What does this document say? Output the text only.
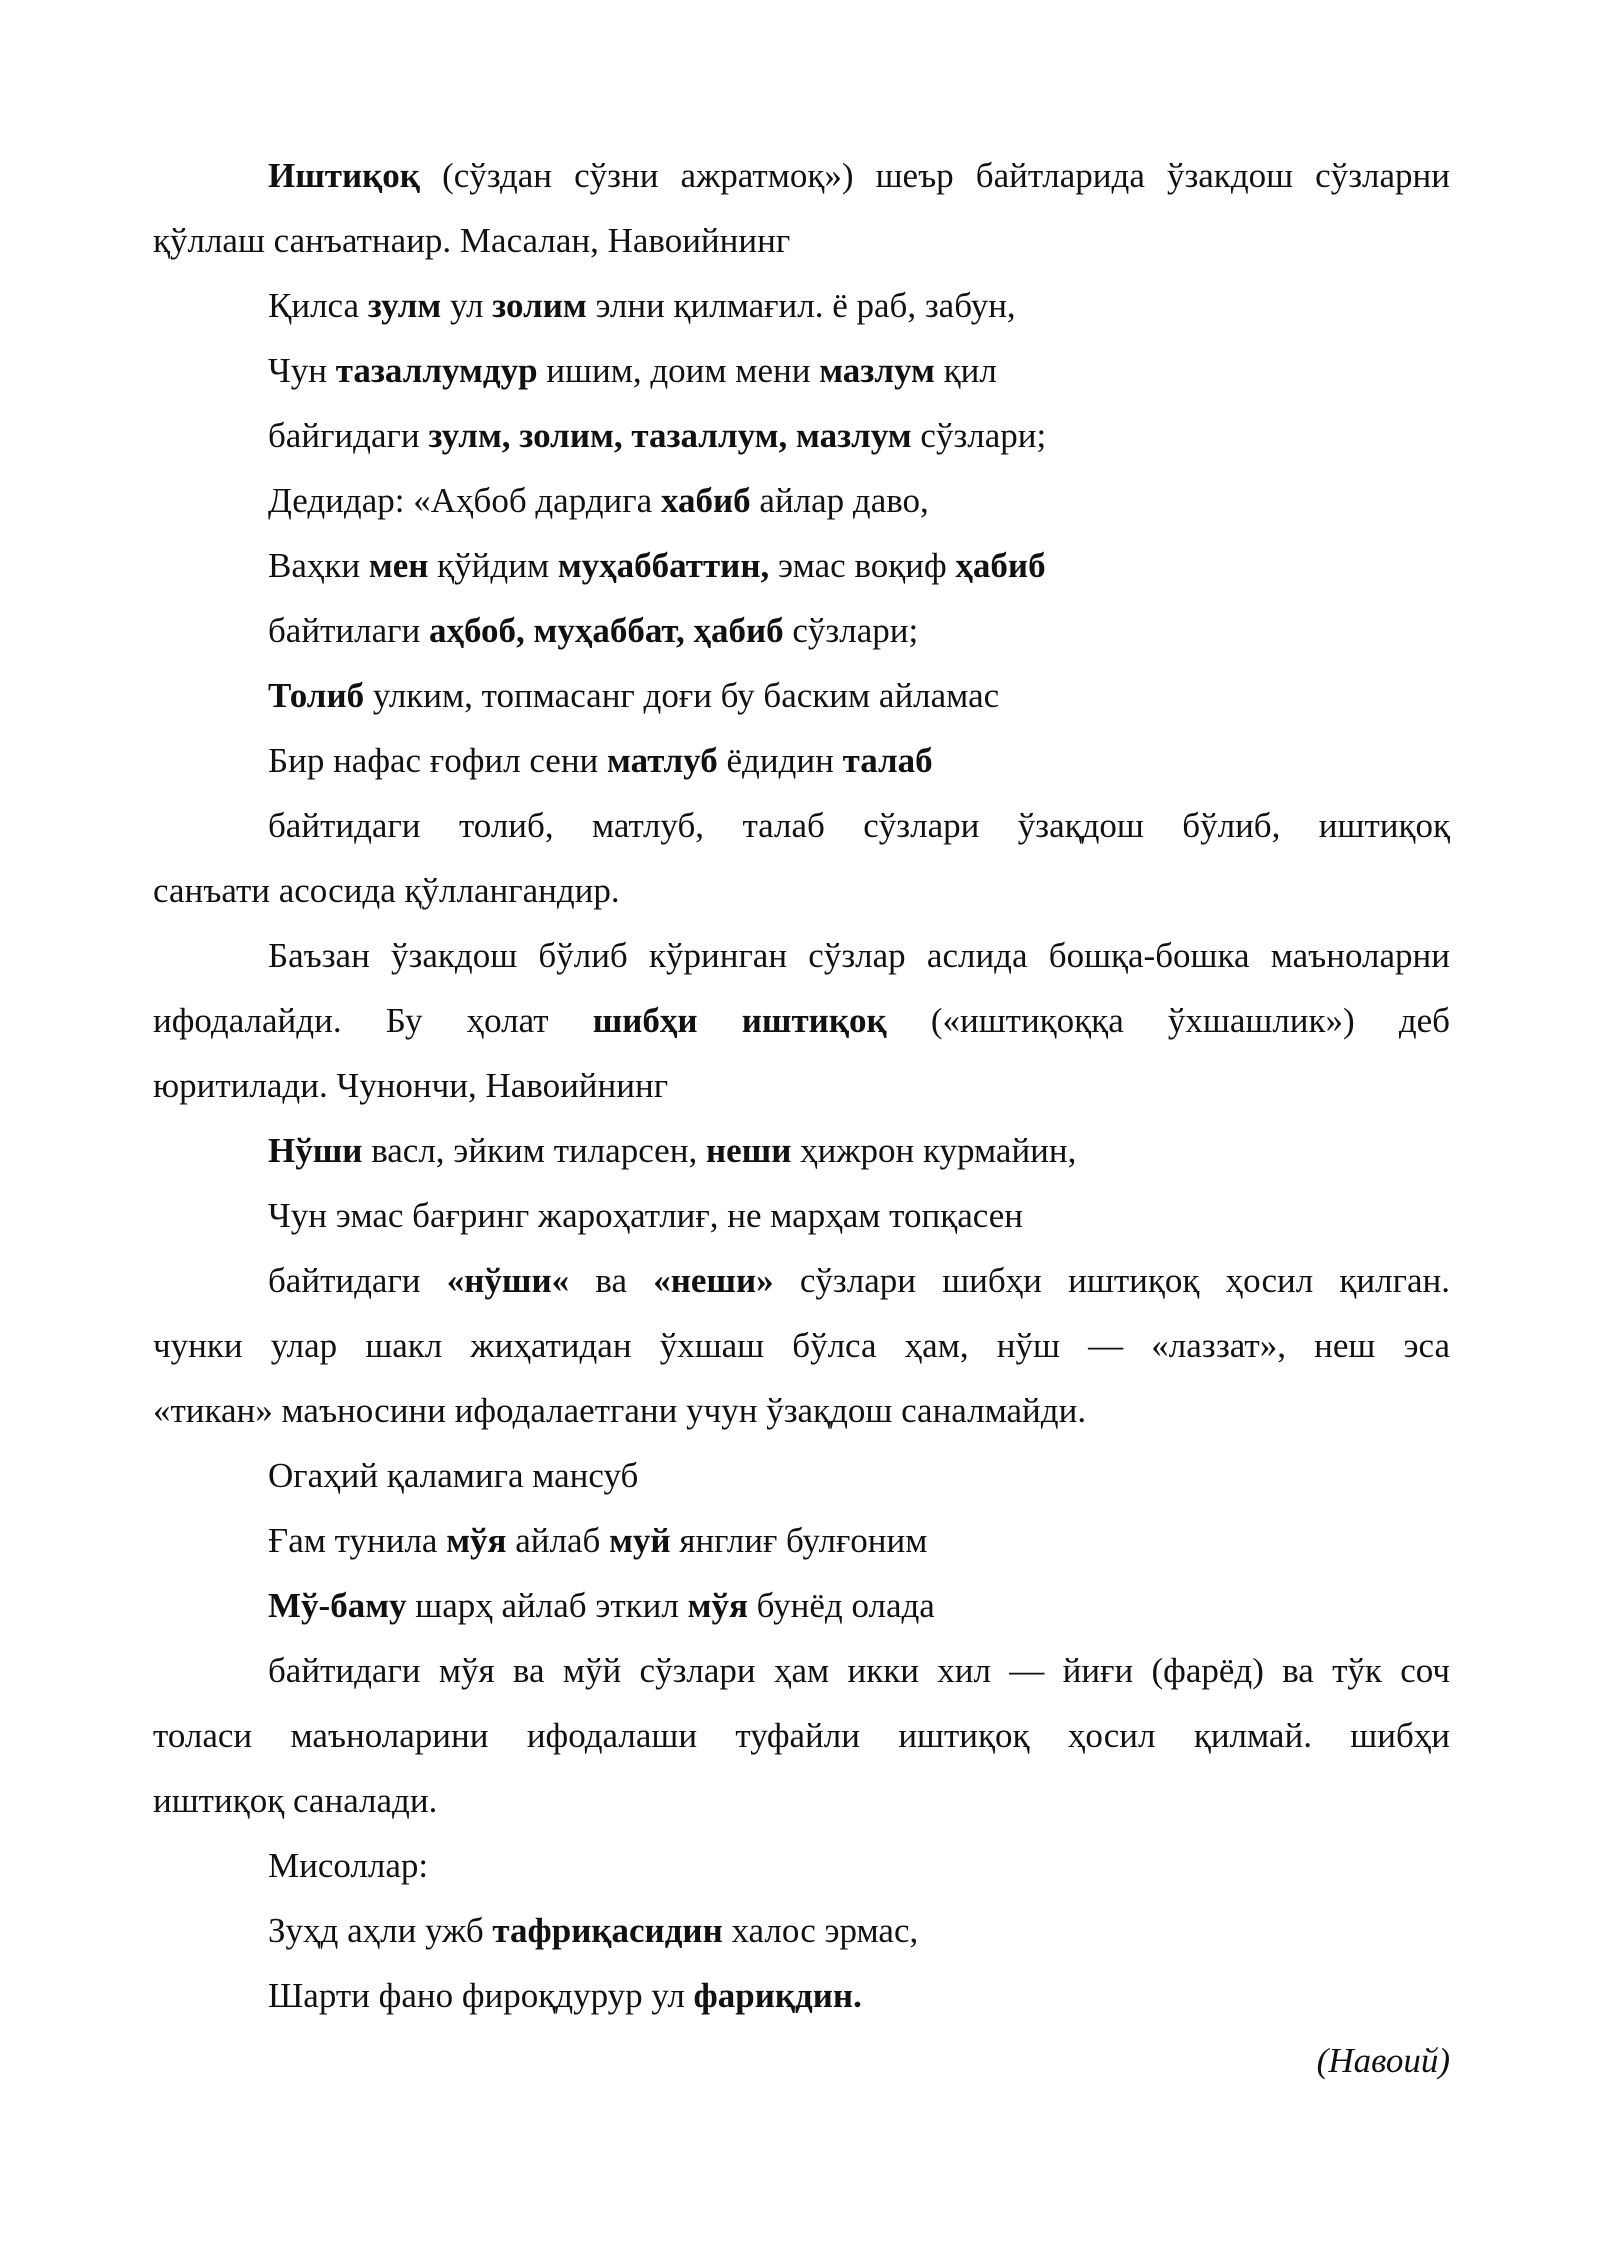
Иштиқоқ (сўздан сўзни ажратмоқ») шеър байтларида ўзакдош сўзларни
қўллаш санъатнаир. Масалан, Навоийнинг
Қилса зулм ул золим элни қилмағил. ё раб, забун,
Чун тазаллумдур ишим, доим мени мазлум қил
байгидаги зулм, золим, тазаллум, мазлум сўзлари;
Дедидар: «Аҳбоб дардига хабиб айлар даво,
Ваҳки мен қўйдим муҳаббаттин, эмас воқиф ҳабиб
байтилаги аҳбоб, муҳаббат, ҳабиб сўзлари;
Толиб улким, топмасанг доғи бу баским айламас
Бир нафас ғофил сени матлуб ёдидин талаб
байтидаги толиб, матлуб, талаб сўзлари ўзақдош бўлиб, иштиқоқ
санъати асосида қўллангандир.
Баъзан ўзакдош бўлиб кўринган сўзлар аслида бошқа-бошка маъноларни
ифодалайди. Бу ҳолат шибҳи иштиқоқ («иштиқоққа ўхшашлик») деб
юритилади. Чунончи, Навоийнинг
Нўши васл, эйким тиларсен, неши ҳижрон курмайин,
Чун эмас бағринг жароҳатлиғ, не марҳам топқасен
байтидаги «нўши« ва «неши» сўзлари шибҳи иштиқоқ ҳосил қилган.
чунки улар шакл жиҳатидан ўхшаш бўлса ҳам, нўш — «лаззат», неш эса
«тикан» маъносини ифодалаетгани учун ўзақдош саналмайди.
Огаҳий қаламига мансуб
Ғам тунила мўя айлаб муй янглиғ булғоним
Мў-баму шарҳ айлаб эткил мўя бунёд олада
байтидаги мўя ва мўй сўзлари ҳам икки хил — йиғи (фарёд) ва тўк соч
толаси маъноларини ифодалаши туфайли иштиқоқ ҳосил қилмай. шибҳи
иштиқоқ саналади.
Мисоллар:
Зуҳд аҳли ужб тафриқасидин халос эрмас,
Шарти фано фироқдурур ул фариқдин.
(Навоий)
